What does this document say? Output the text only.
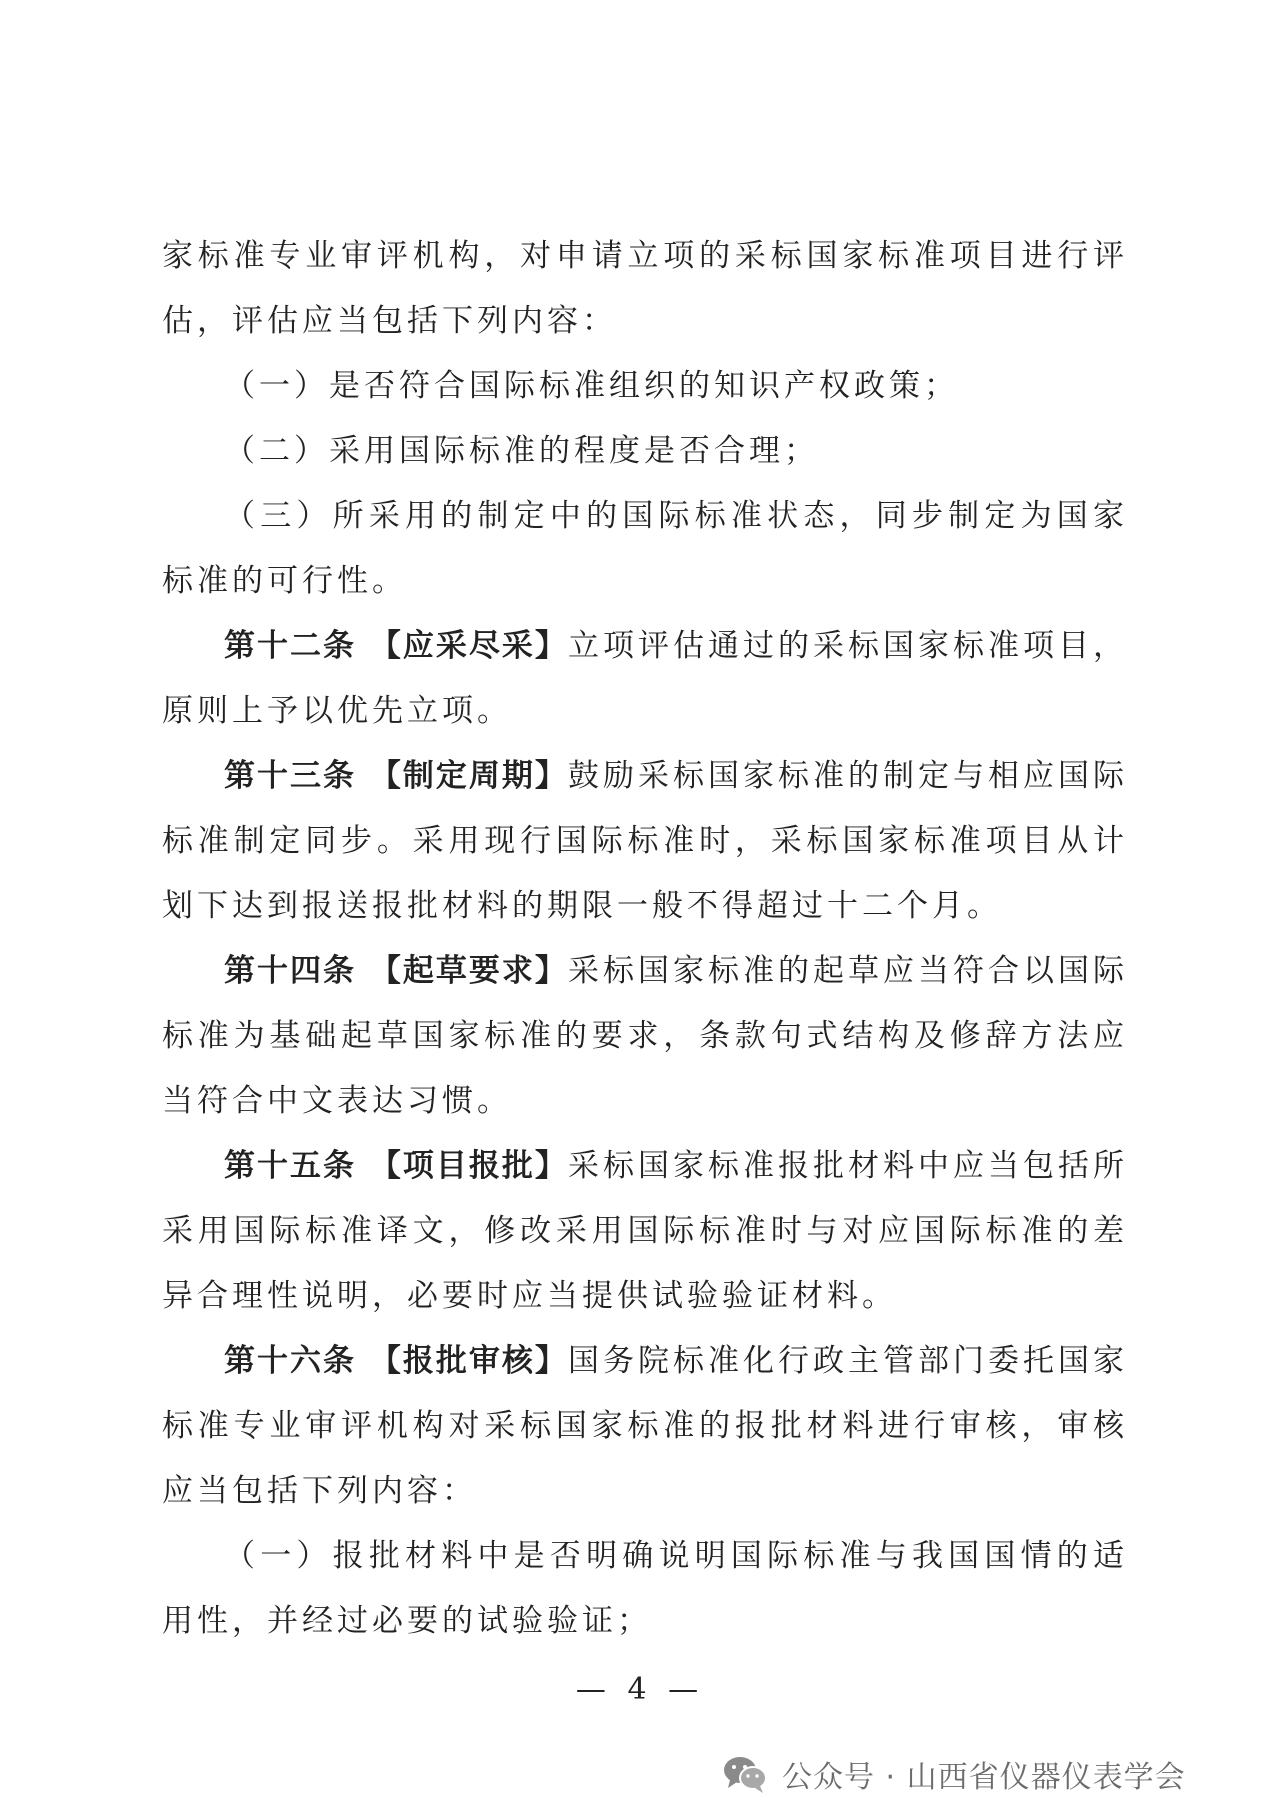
家标准专业审评机构，对申请立项的采标国家标准项目进行评估，评估应当包括下列内容：

（一）是否符合国际标准组织的知识产权政策；

（二）采用国际标准的程度是否合理；

（三）所采用的制定中的国际标准状态，同步制定为国家标准的可行性。

第十二条 【应采尽采】立项评估通过的采标国家标准项目，原则上予以优先立项。

第十三条 【制定周期】鼓励采标国家标准的制定与相应国际标准制定同步。采用现行国际标准时，采标国家标准项目从计划下达到报送报批材料的期限一般不得超过十二个月。

第十四条 【起草要求】采标国家标准的起草应当符合以国际标准为基础起草国家标准的要求，条款句式结构及修辞方法应当符合中文表达习惯。

第十五条 【项目报批】采标国家标准报批材料中应当包括所采用国际标准译文，修改采用国际标准时与对应国际标准的差异合理性说明，必要时应当提供试验验证材料。

第十六条 【报批审核】国务院标准化行政主管部门委托国家标准专业审评机构对采标国家标准的报批材料进行审核，审核应当包括下列内容：

（一）报批材料中是否明确说明国际标准与我国国情的适用性，并经过必要的试验验证；

— 4 —
公众号 · 山西省仪器仪表学会
